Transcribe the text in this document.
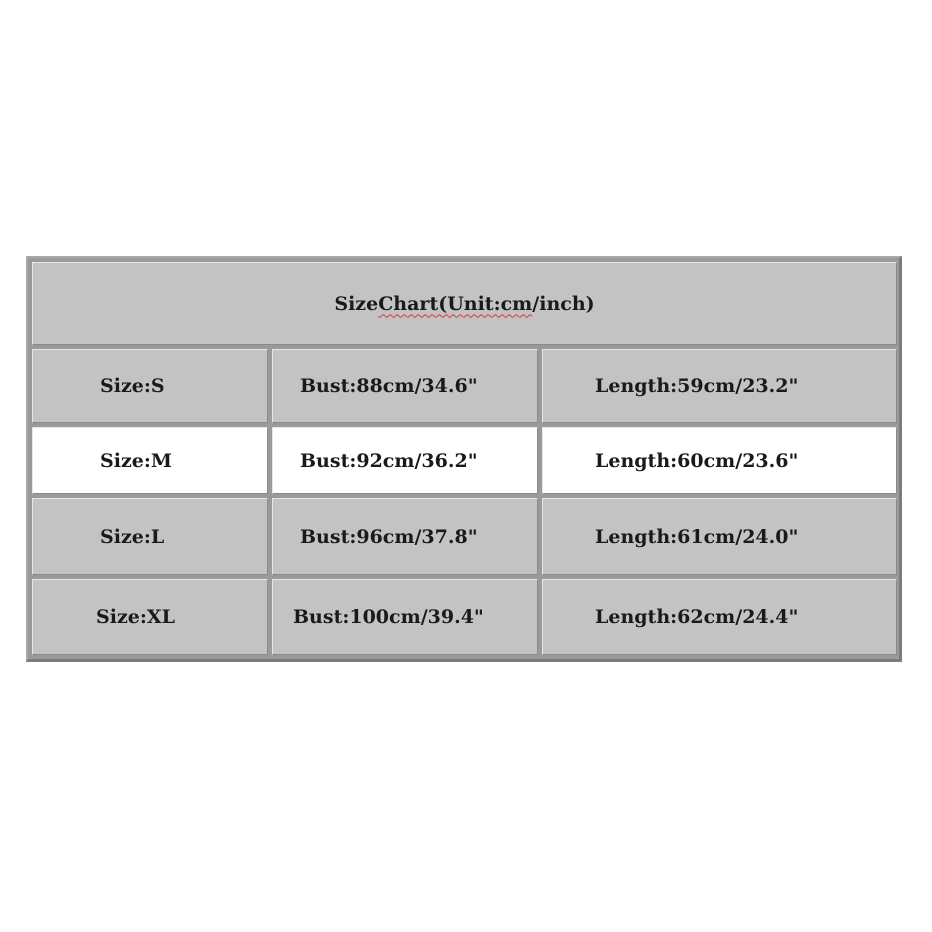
Size Chart(Unit:cm /inch)
Size:S	Bust:88cm/34.6"	Length:59cm/23.2"
Size:M	Bust:92cm/36.2"	Length:60cm/23.6"
Size:L	Bust:96cm/37.8"	Length:61cm/24.0"
Size:XL	Bust:100cm/39.4"	Length:62cm/24.4"
